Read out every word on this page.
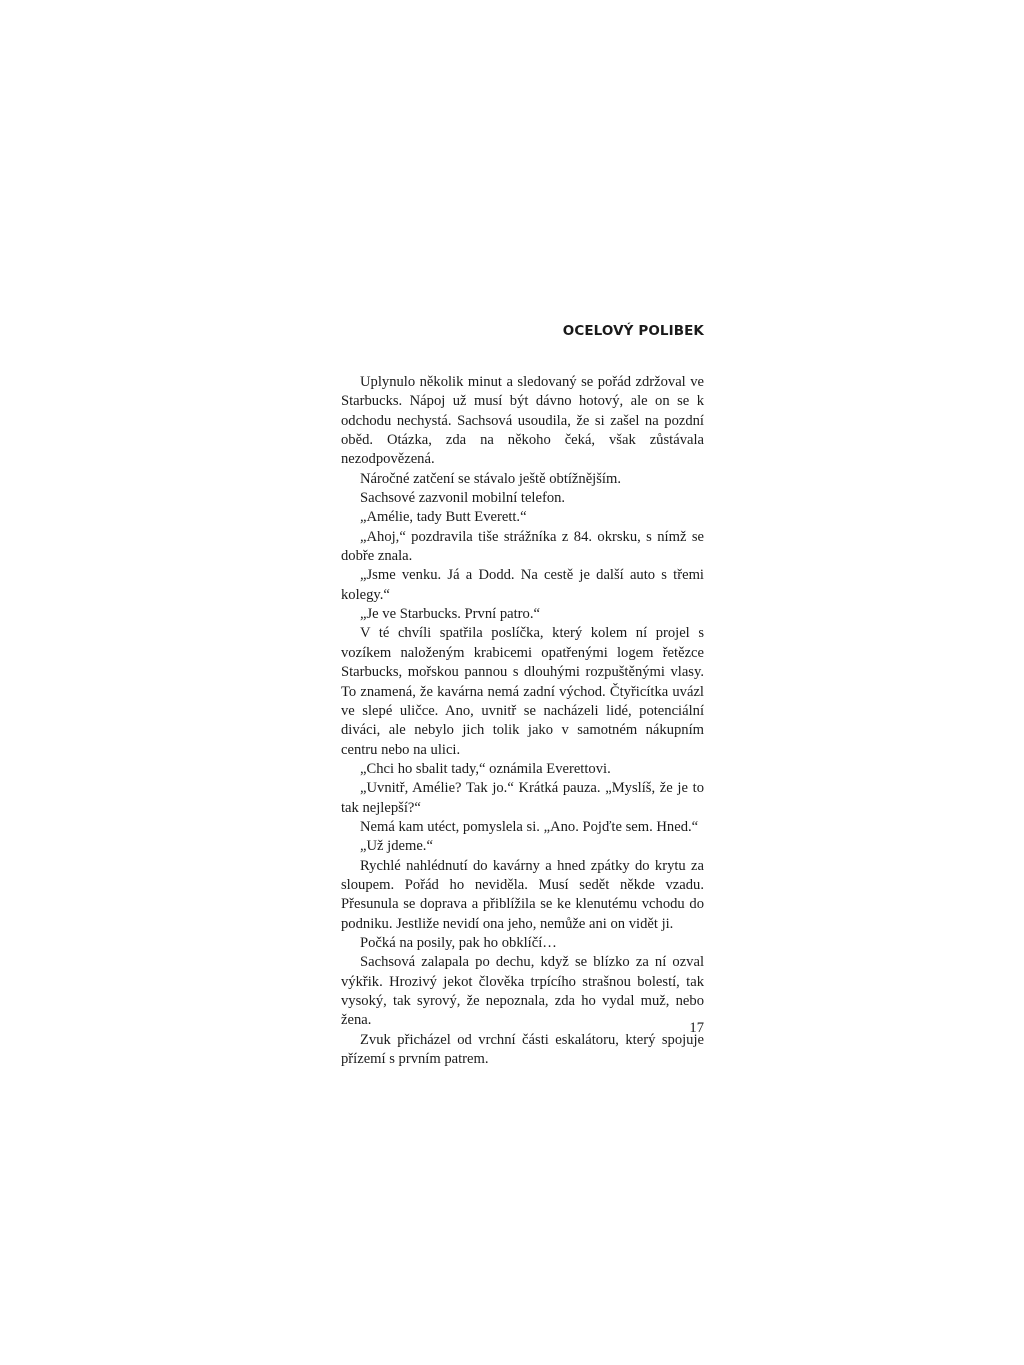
OCELOVÝ POLIBEK

Uplynulo několik minut a sledovaný se pořád zdržoval ve Starbucks. Nápoj už musí být dávno hotový, ale on se k odchodu nechystá. Sachsová usoudila, že si zašel na pozdní oběd. Otázka, zda na někoho čeká, však zůstávala nezodpovězená.

Náročné zatčení se stávalo ještě obtížnějším.

Sachsové zazvonil mobilní telefon.

„Amélie, tady Butt Everett.“

„Ahoj,“ pozdravila tiše strážníka z 84. okrsku, s nímž se dobře znala.

„Jsme venku. Já a Dodd. Na cestě je další auto s třemi kolegy.“

„Je ve Starbucks. První patro.“

V té chvíli spatřila poslíčka, který kolem ní projel s vozíkem naloženým krabicemi opatřenými logem řetězce Starbucks, mořskou pannou s dlouhými rozpuštěnými vlasy. To znamená, že kavárna nemá zadní východ. Čtyřicítka uvázl ve slepé uličce. Ano, uvnitř se nacházeli lidé, potenciální diváci, ale nebylo jich tolik jako v samotném nákupním centru nebo na ulici.

„Chci ho sbalit tady,“ oznámila Everettovi.

„Uvnitř, Amélie? Tak jo.“ Krátká pauza. „Myslíš, že je to tak nejlepší?“

Nemá kam utéct, pomyslela si. „Ano. Pojďte sem. Hned.“

„Už jdeme.“

Rychlé nahlédnutí do kavárny a hned zpátky do krytu za sloupem. Pořád ho neviděla. Musí sedět někde vzadu. Přesunula se doprava a přiblížila se ke klenutému vchodu do podniku. Jestliže nevidí ona jeho, nemůže ani on vidět ji.

Počká na posily, pak ho obklíčí…

Sachsová zalapala po dechu, když se blízko za ní ozval výkřik. Hrozivý jekot člověka trpícího strašnou bolestí, tak vysoký, tak syrový, že nepoznala, zda ho vydal muž, nebo žena.

Zvuk přicházel od vrchní části eskalátoru, který spojuje přízemí s prvním patrem.

17
